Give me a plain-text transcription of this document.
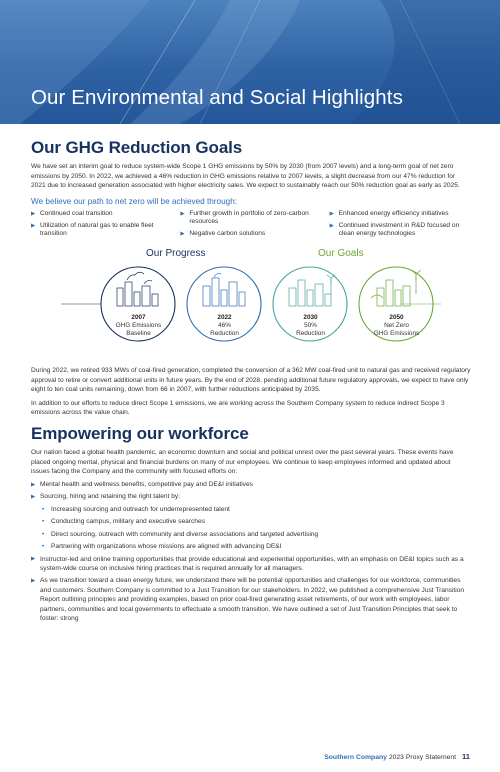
Our Environmental and Social Highlights
Our GHG Reduction Goals

We have set an interim goal to reduce system-wide Scope 1 GHG emissions by 50% by 2030 (from 2007 levels) and a long-term goal of net zero emissions by 2050. In 2022, we achieved a 46% reduction in GHG emissions relative to 2007 levels, a slight decrease from our 47% reduction for 2021 due to increased generation associated with higher electricity sales. We expect to sustainably reach our 50% reduction goal as early as 2025.

We believe our path to net zero will be achieved through:
▶ Continued coal transition
▶ Utilization of natural gas to enable fleet transition
▶ Further growth in portfolio of zero-carbon resources
▶ Negative carbon solutions
▶ Enhanced energy efficiency initiatives
▶ Continued investment in R&D focused on clean energy technologies
Our Progress	Our Goals
2007
GHG Emissions
Baseline
2022
46%
Reduction
2030
50%
Reduction
2050
Net Zero
GHG Emissions

During 2022, we retired 933 MWs of coal-fired generation, completed the conversion of a 362 MW coal-fired unit to natural gas and received regulatory approval to retire or convert additional units in future years. By the end of 2028, pending additional future regulatory approvals, we expect to have only eight to ten coal units remaining, down from 66 in 2007, with further reductions anticipated by 2035.

In addition to our efforts to reduce direct Scope 1 emissions, we are working across the Southern Company system to reduce indirect Scope 3 emissions across the value chain.

Empowering our workforce

Our nation faced a global health pandemic, an economic downturn and social and political unrest over the past several years. These events have placed ongoing mental, physical and financial burdens on many of our employees. We continue to keep employees informed and updated about issues facing the Company and the community with focused efforts on:

▶ Mental health and wellness benefits, competitive pay and DE&I initiatives
▶ Sourcing, hiring and retaining the right talent by:
•	Increasing sourcing and outreach for underrepresented talent
•	Conducting campus, military and executive searches
•	Direct sourcing, outreach with community and diverse associations and targeted advertising
•	Partnering with organizations whose missions are aligned with advancing DE&I
▶ Instructor-led and online training opportunities that provide educational and experiential opportunities, with an emphasis on DE&I topics such as a system-wide course on inclusive hiring practices that is required annually for all managers.
▶ As we transition toward a clean energy future, we understand there will be potential opportunities and challenges for our workforce, communities and customers. Southern Company is committed to a Just Transition for our stakeholders. In 2022, we published a comprehensive Just Transition Report outlining principles and providing examples, based on prior coal-fired generating asset retirements, of our work with employees, labor partners, communities and local governments to effectuate a smooth transition. We have outlined a set of Just Transition Principles that seek to foster: strong
Southern Company 2023 Proxy Statement 11
